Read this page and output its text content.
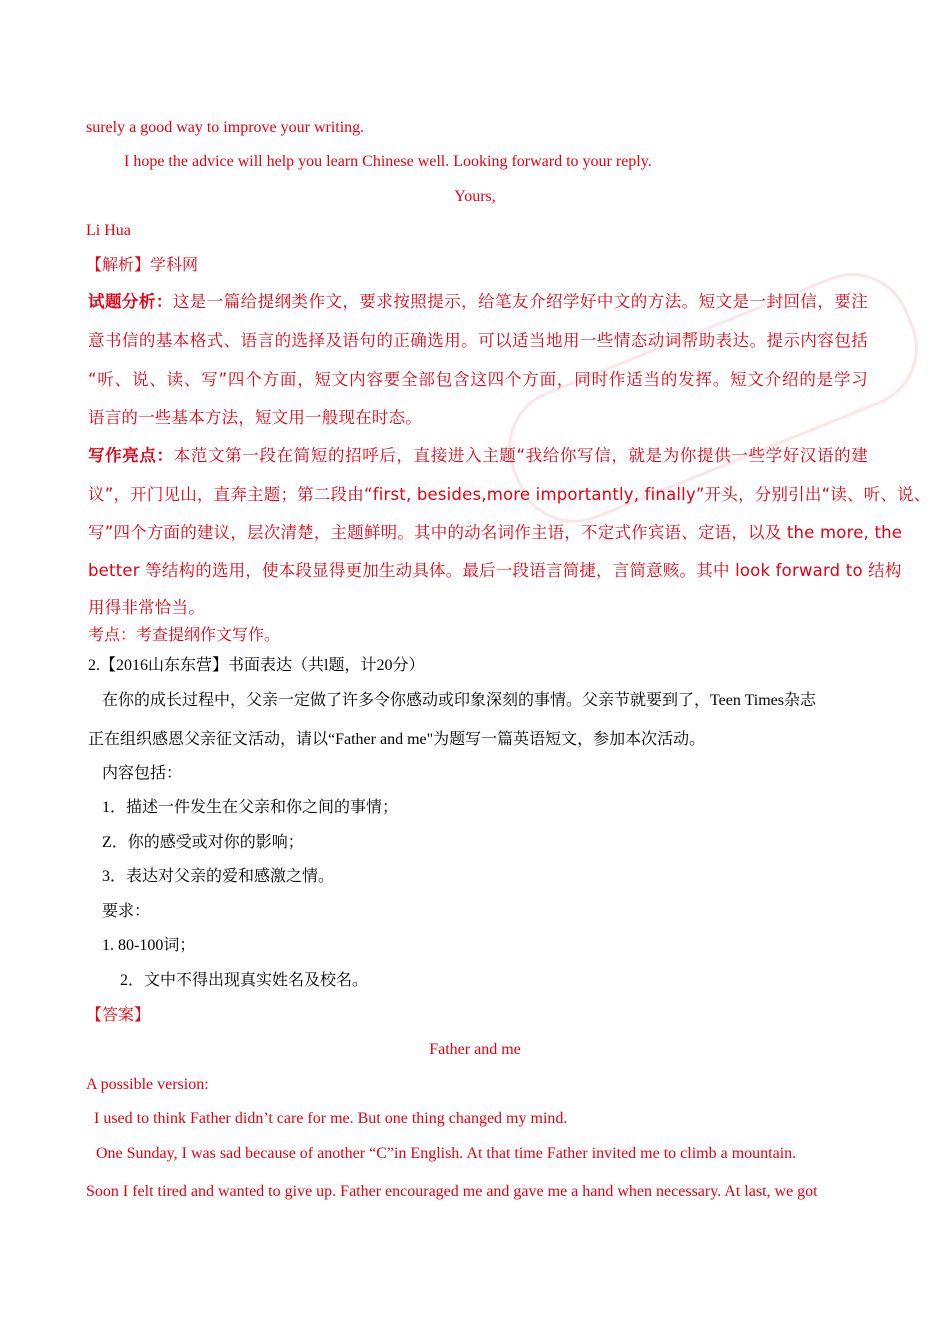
surely a good way to improve your writing.
I hope the advice will help you learn Chinese well. Looking forward to your reply.
Yours,
Li Hua
【解析】学科网
试题分析：这是一篇给提纲类作文，要求按照提示，给笔友介绍学好中文的方法。短文是一封回信，要注
意书信的基本格式、语言的选择及语句的正确选用。可以适当地用一些情态动词帮助表达。提示内容包括
“听、说、读、写”四个方面，短文内容要全部包含这四个方面，同时作适当的发挥。短文介绍的是学习
语言的一些基本方法，短文用一般现在时态。
写作亮点：本范文第一段在简短的招呼后，直接进入主题“我给你写信，就是为你提供一些学好汉语的建
议”，开门见山，直奔主题；第二段由“first, besides,more importantly, finally”开头，分别引出“读、听、说、
写”四个方面的建议，层次清楚，主题鲜明。其中的动名词作主语，不定式作宾语、定语，以及 the more, the
better 等结构的选用，使本段显得更加生动具体。最后一段语言简捷，言简意赅。其中 look forward to 结构
用得非常恰当。
考点：考查提纲作文写作。
2.【2016山东东营】书面表达（共l题，计20分）
在你的成长过程中，父亲一定做了许多令你感动或印象深刻的事情。父亲节就要到了，Teen Times杂志
正在组织感恩父亲征文活动，请以“Father and me"为题写一篇英语短文，参加本次活动。
内容包括：
1．描述一件发生在父亲和你之间的事情；
Z．你的感受或对你的影响；
3．表达对父亲的爱和感激之情。
要求：
1. 80-100词；
2．文中不得出现真实姓名及校名。
【答案】
Father and me
A possible version:
I used to think Father didn’t care for me. But one thing changed my mind.
One Sunday, I was sad because of another “C”in English. At that time Father invited me to climb a mountain.
Soon I felt tired and wanted to give up. Father encouraged me and gave me a hand when necessary. At last, we got
